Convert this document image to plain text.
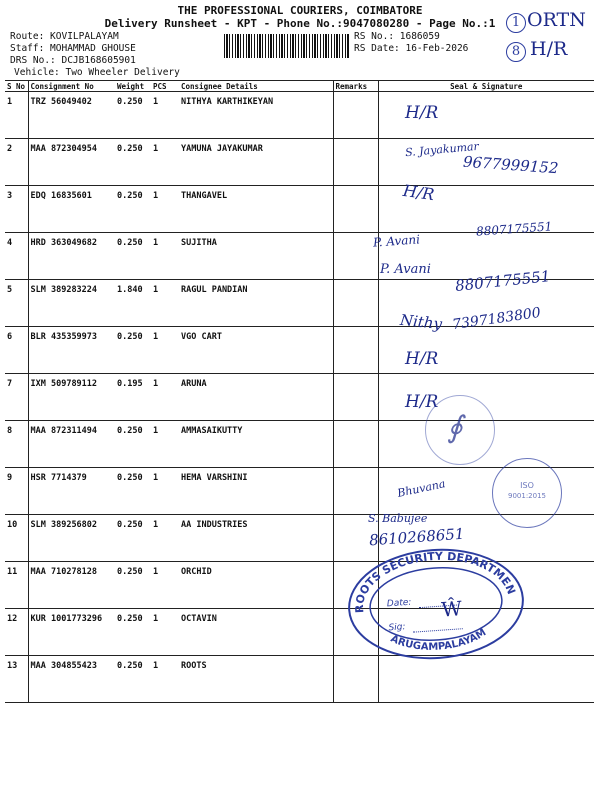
THE PROFESSIONAL COURIERS, COIMBATORE
Delivery Runsheet - KPT - Phone No.:9047080280 - Page No.:1
Route: KOVILPALAYAM
Staff: MOHAMMAD GHOUSE
DRS No.: DCJB168605901
Vehicle: Two Wheeler Delivery
RS No.: 1686059
RS Date: 16-Feb-2026
1 ORTN
8 H/R
S No	Consignment No	Weight	PCS	Consignee Details	Remarks	Seal & Signature
1	TRZ 56049402	0.250	1	NITHYA KARTHIKEYAN		
2	MAA 872304954	0.250	1	YAMUNA JAYAKUMAR		
3	EDQ 16835601	0.250	1	THANGAVEL		
4	HRD 363049682	0.250	1	SUJITHA		
5	SLM 389283224	1.840	1	RAGUL PANDIAN		
6	BLR 435359973	0.250	1	VGO CART		
7	IXM 509789112	0.195	1	ARUNA		
8	MAA 872311494	0.250	1	AMMASAIKUTTY		
9	HSR 7714379	0.250	1	HEMA VARSHINI		
10	SLM 389256802	0.250	1	AA INDUSTRIES		
11	MAA 710278128	0.250	1	ORCHID		
12	KUR 1001773296	0.250	1	OCTAVIN		
13	MAA 304855423	0.250	1	ROOTS		
H/R
S. Jayakumar
9677999152
H/R
P. Avani
8807175551
P. Avani 8807175551
Nithy 7397183800
H/R
H/R
Bhuvana
S. Babujee
8610268651
∮
ISO
9001:2015
ROOTS SECURITY DEPARTMENT
ARUGAMPALAYAM
Date:
Sig:
Ŵ
